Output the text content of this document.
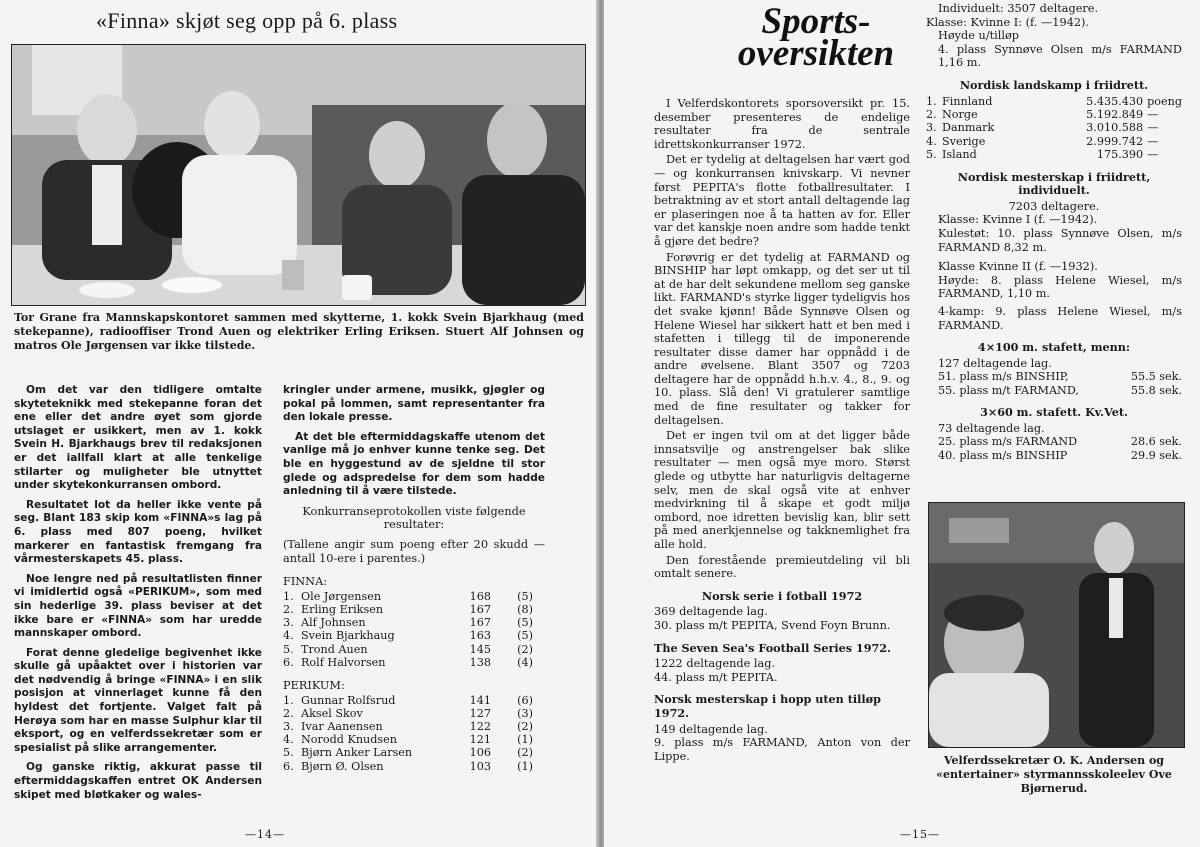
«Finna» skjøt seg opp på 6. plass
Tor Grane fra Mannskapskontoret sammen med skytterne, 1. kokk Svein Bjarkhaug (med stekepanne), radiooffiser Trond Auen og elektriker Erling Eriksen. Stuert Alf Johnsen og matros Ole Jørgensen var ikke tilstede.

Om det var den tidligere omtalte skyteteknikk med stekepanne foran det ene eller det andre øyet som gjorde utslaget er usikkert, men av 1. kokk Svein H. Bjarkhaugs brev til redaksjonen er det iallfall klart at alle tenkelige stilarter og muligheter ble utnyttet under skytekonkurransen ombord.

Resultatet lot da heller ikke vente på seg. Blant 183 skip kom «FINNA»s lag på 6. plass med 807 poeng, hvilket markerer en fantastisk fremgang fra vårmesterskapets 45. plass.

Noe lengre ned på resultatlisten finner vi imidlertid også «PERIKUM», som med sin hederlige 39. plass beviser at det ikke bare er «FINNA» som har uredde mannskaper ombord.

Forat denne gledelige begivenhet ikke skulle gå upåaktet over i historien var det nødvendig å bringe «FINNA» i en slik posisjon at vinnerlaget kunne få den hyldest det fortjente. Valget falt på Herøya som har en masse Sulphur klar til eksport, og en velferdssekretær som er spesialist på slike arrangementer.

Og ganske riktig, akkurat passe til eftermiddagskaffen entret OK Andersen skipet med bløtkaker og wales-

kringler under armene, musikk, gjøgler og pokal på lommen, samt representanter fra den lokale presse.

At det ble eftermiddagskaffe utenom det vanlige må jo enhver kunne tenke seg. Det ble en hyggestund av de sjeldne til stor glede og adspredelse for dem som hadde anledning til å være tilstede.

Konkurranseprotokollen viste følgende resultater:

(Tallene angir sum poeng efter 20 skudd — antall 10-ere i parentes.)

FINNA:
1.	Ole Jørgensen	168	(5)
2.	Erling Eriksen	167	(8)
3.	Alf Johnsen	167	(5)
4.	Svein Bjarkhaug	163	(5)
5.	Trond Auen	145	(2)
6.	Rolf Halvorsen	138	(4)
PERIKUM:
1.	Gunnar Rolfsrud	141	(6)
2.	Aksel Skov	127	(3)
3.	Ivar Aanensen	122	(2)
4.	Norodd Knudsen	121	(1)
5.	Bjørn Anker Larsen	106	(2)
6.	Bjørn Ø. Olsen	103	(1)
—14—
Sports-
oversikten

I Velferdskontorets sporsoversikt pr. 15. desember presenteres de endelige resultater fra de sentrale idrettskonkurranser 1972.

Det er tydelig at deltagelsen har vært god — og konkurransen knivskarp. Vi nevner først PEPITA's flotte fotballresultater. I betraktning av et stort antall deltagende lag er plaseringen noe å ta hatten av for. Eller var det kanskje noen andre som hadde tenkt å gjøre det bedre?

Forøvrig er det tydelig at FARMAND og BINSHIP har løpt omkapp, og det ser ut til at de har delt sekundene mellom seg ganske likt. FARMAND's styrke ligger tydeligvis hos det svake kjønn! Både Synnøve Olsen og Helene Wiesel har sikkert hatt et ben med i stafetten i tillegg til de imponerende resultater disse damer har oppnådd i de andre øvelsene. Blant 3507 og 7203 deltagere har de oppnådd h.h.v. 4., 8., 9. og 10. plass. Slå den! Vi gratulerer samtlige med de fine resultater og takker for deltagelsen.

Det er ingen tvil om at det ligger både innsatsvilje og anstrengelser bak slike resultater — men også mye moro. Størst glede og utbytte har naturligvis deltagerne selv, men de skal også vite at enhver medvirkning til å skape et godt miljø ombord, noe idretten bevislig kan, blir sett på med anerkjennelse og takknemlighet fra alle hold.

Den forestående premieutdeling vil bli omtalt senere.

Norsk serie i fotball 1972
369 deltagende lag.
30. plass m/t PEPITA, Svend Foyn Brunn.
The Seven Sea's Football Series 1972.
1222 deltagende lag.
44. plass m/t PEPITA.
Norsk mesterskap i hopp uten tilløp 1972.
149 deltagende lag.
9. plass m/s FARMAND, Anton von der Lippe.
Individuelt: 3507 deltagere.
Klasse: Kvinne I: (f. —1942).
Høyde u/tilløp
4. plass Synnøve Olsen m/s FARMAND 1,16 m.
Nordisk landskamp i friidrett.
1.	Finnland	5.435.430	poeng
2.	Norge	5.192.849	—
3.	Danmark	3.010.588	—
4.	Sverige	2.999.742	—
5.	Island	175.390	—
Nordisk mesterskap i friidrett, individuelt.
7203 deltagere.
Klasse: Kvinne I (f. —1942).
Kulestøt: 10. plass Synnøve Olsen, m/s FARMAND 8,32 m.
Klasse Kvinne II (f. —1932).
Høyde: 8. plass Helene Wiesel, m/s FARMAND, 1,10 m.
4-kamp: 9. plass Helene Wiesel, m/s FARMAND.
4×100 m. stafett, menn:
127 deltagende lag.
51. plass m/s BINSHIP,	55.5 sek.
55. plass m/t FARMAND,	55.8 sek.
3×60 m. stafett. Kv.Vet.
73 deltagende lag.
25. plass m/s FARMAND	28.6 sek.
40. plass m/s BINSHIP	29.9 sek.
Velferdssekretær O. K. Andersen og «entertainer» styrmannsskoleelev Ove Bjørnerud.
—15—
